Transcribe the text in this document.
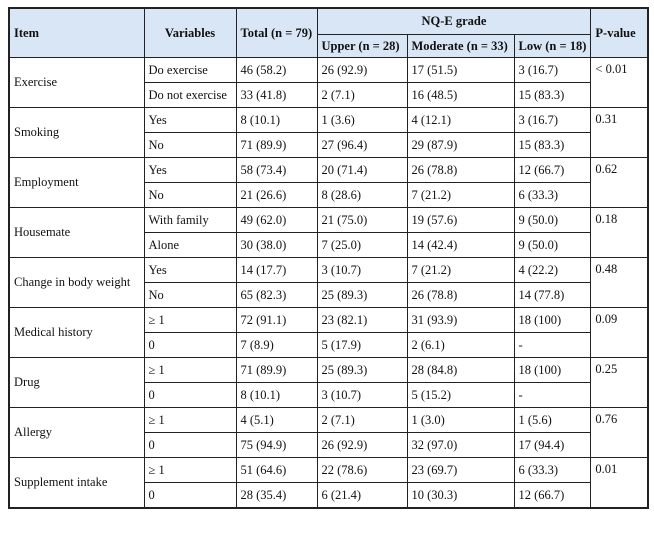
Item	Variables	Total (n = 79)	NQ-E grade			P-value
			Upper (n = 28)	Moderate (n = 33)	Low (n = 18)	
Exercise	Do exercise	46 (58.2)	26 (92.9)	17 (51.5)	3 (16.7)	< 0.01
	Do not exercise	33 (41.8)	2 (7.1)	16 (48.5)	15 (83.3)	
Smoking	Yes	8 (10.1)	1 (3.6)	4 (12.1)	3 (16.7)	0.31
	No	71 (89.9)	27 (96.4)	29 (87.9)	15 (83.3)	
Employment	Yes	58 (73.4)	20 (71.4)	26 (78.8)	12 (66.7)	0.62
	No	21 (26.6)	8 (28.6)	7 (21.2)	6 (33.3)	
Housemate	With family	49 (62.0)	21 (75.0)	19 (57.6)	9 (50.0)	0.18
	Alone	30 (38.0)	7 (25.0)	14 (42.4)	9 (50.0)	
Change in body weight	Yes	14 (17.7)	3 (10.7)	7 (21.2)	4 (22.2)	0.48
	No	65 (82.3)	25 (89.3)	26 (78.8)	14 (77.8)	
Medical history	≥ 1	72 (91.1)	23 (82.1)	31 (93.9)	18 (100)	0.09
	0	7 (8.9)	5 (17.9)	2 (6.1)	-	
Drug	≥ 1	71 (89.9)	25 (89.3)	28 (84.8)	18 (100)	0.25
	0	8 (10.1)	3 (10.7)	5 (15.2)	-	
Allergy	≥ 1	4 (5.1)	2 (7.1)	1 (3.0)	1 (5.6)	0.76
	0	75 (94.9)	26 (92.9)	32 (97.0)	17 (94.4)	
Supplement intake	≥ 1	51 (64.6)	22 (78.6)	23 (69.7)	6 (33.3)	0.01
	0	28 (35.4)	6 (21.4)	10 (30.3)	12 (66.7)	
